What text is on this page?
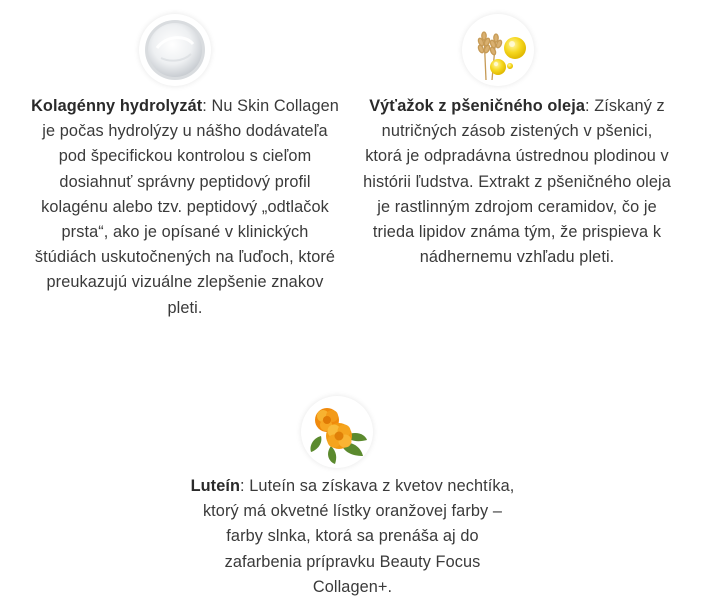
Kolagénny hydrolyzát: Nu Skin Collagen je počas hydrolýzy u nášho dodávateľa pod špecifickou kontrolou s cieľom dosiahnuť správny peptidový profil kolagénu alebo tzv. peptidový „odtlačok prsta“, ako je opísané v klinických štúdiách uskutočnených na ľuďoch, ktoré preukazujú vizuálne zlepšenie znakov pleti.
Výťažok z pšeničného oleja: Získaný z nutričných zásob zistených v pšenici, ktorá je odpradávna ústrednou plodinou v histórii ľudstva. Extrakt z pšeničného oleja je rastlinným zdrojom ceramidov, čo je trieda lipidov známa tým, že prispieva k nádhernemu vzhľadu pleti.
Luteín: Luteín sa získava z kvetov nechtíka, ktorý má okvetné lístky oranžovej farby – farby slnka, ktorá sa prenáša aj do zafarbenia prípravku Beauty Focus Collagen+.
